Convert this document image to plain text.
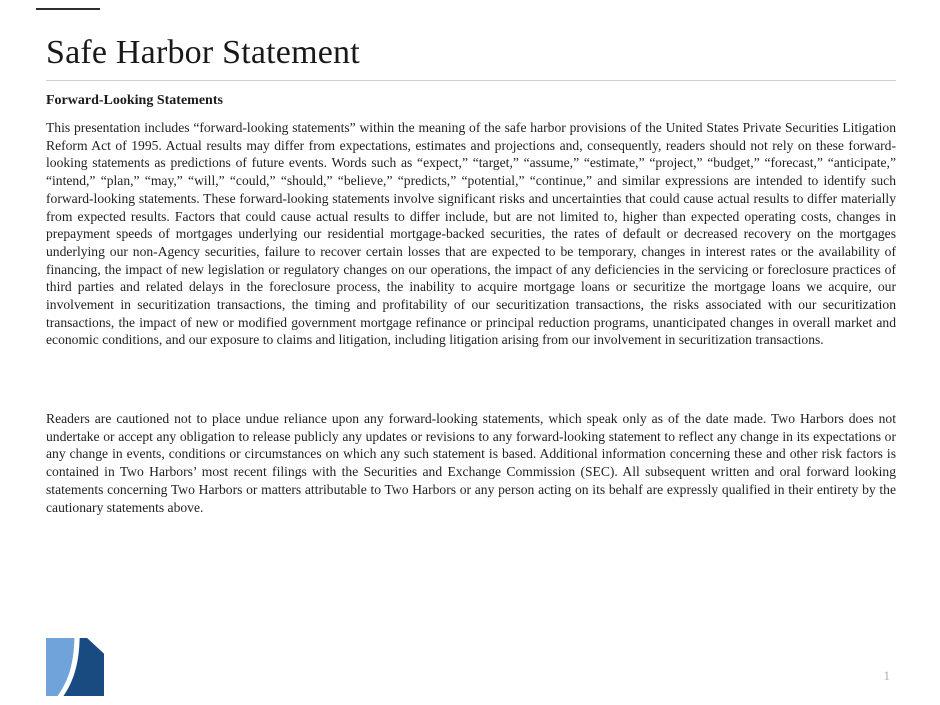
Safe Harbor Statement
Forward-Looking Statements

This presentation includes “forward-looking statements” within the meaning of the safe harbor provisions of the United States Private Securities Litigation Reform Act of 1995. Actual results may differ from expectations, estimates and projections and, consequently, readers should not rely on these forward-looking statements as predictions of future events. Words such as “expect,” “target,” “assume,” “estimate,” “project,” “budget,” “forecast,” “anticipate,” “intend,” “plan,” “may,” “will,” “could,” “should,” “believe,” “predicts,” “potential,” “continue,” and similar expressions are intended to identify such forward-looking statements. These forward-looking statements involve significant risks and uncertainties that could cause actual results to differ materially from expected results. Factors that could cause actual results to differ include, but are not limited to, higher than expected operating costs, changes in prepayment speeds of mortgages underlying our residential mortgage-backed securities, the rates of default or decreased recovery on the mortgages underlying our non-Agency securities, failure to recover certain losses that are expected to be temporary, changes in interest rates or the availability of financing, the impact of new legislation or regulatory changes on our operations, the impact of any deficiencies in the servicing or foreclosure practices of third parties and related delays in the foreclosure process, the inability to acquire mortgage loans or securitize the mortgage loans we acquire, our involvement in securitization transactions, the timing and profitability of our securitization transactions, the risks associated with our securitization transactions, the impact of new or modified government mortgage refinance or principal reduction programs, unanticipated changes in overall market and economic conditions, and our exposure to claims and litigation, including litigation arising from our involvement in securitization transactions.

Readers are cautioned not to place undue reliance upon any forward-looking statements, which speak only as of the date made. Two Harbors does not undertake or accept any obligation to release publicly any updates or revisions to any forward-looking statement to reflect any change in its expectations or any change in events, conditions or circumstances on which any such statement is based. Additional information concerning these and other risk factors is contained in Two Harbors’ most recent filings with the Securities and Exchange Commission (SEC). All subsequent written and oral forward looking statements concerning Two Harbors or matters attributable to Two Harbors or any person acting on its behalf are expressly qualified in their entirety by the cautionary statements above.

1
